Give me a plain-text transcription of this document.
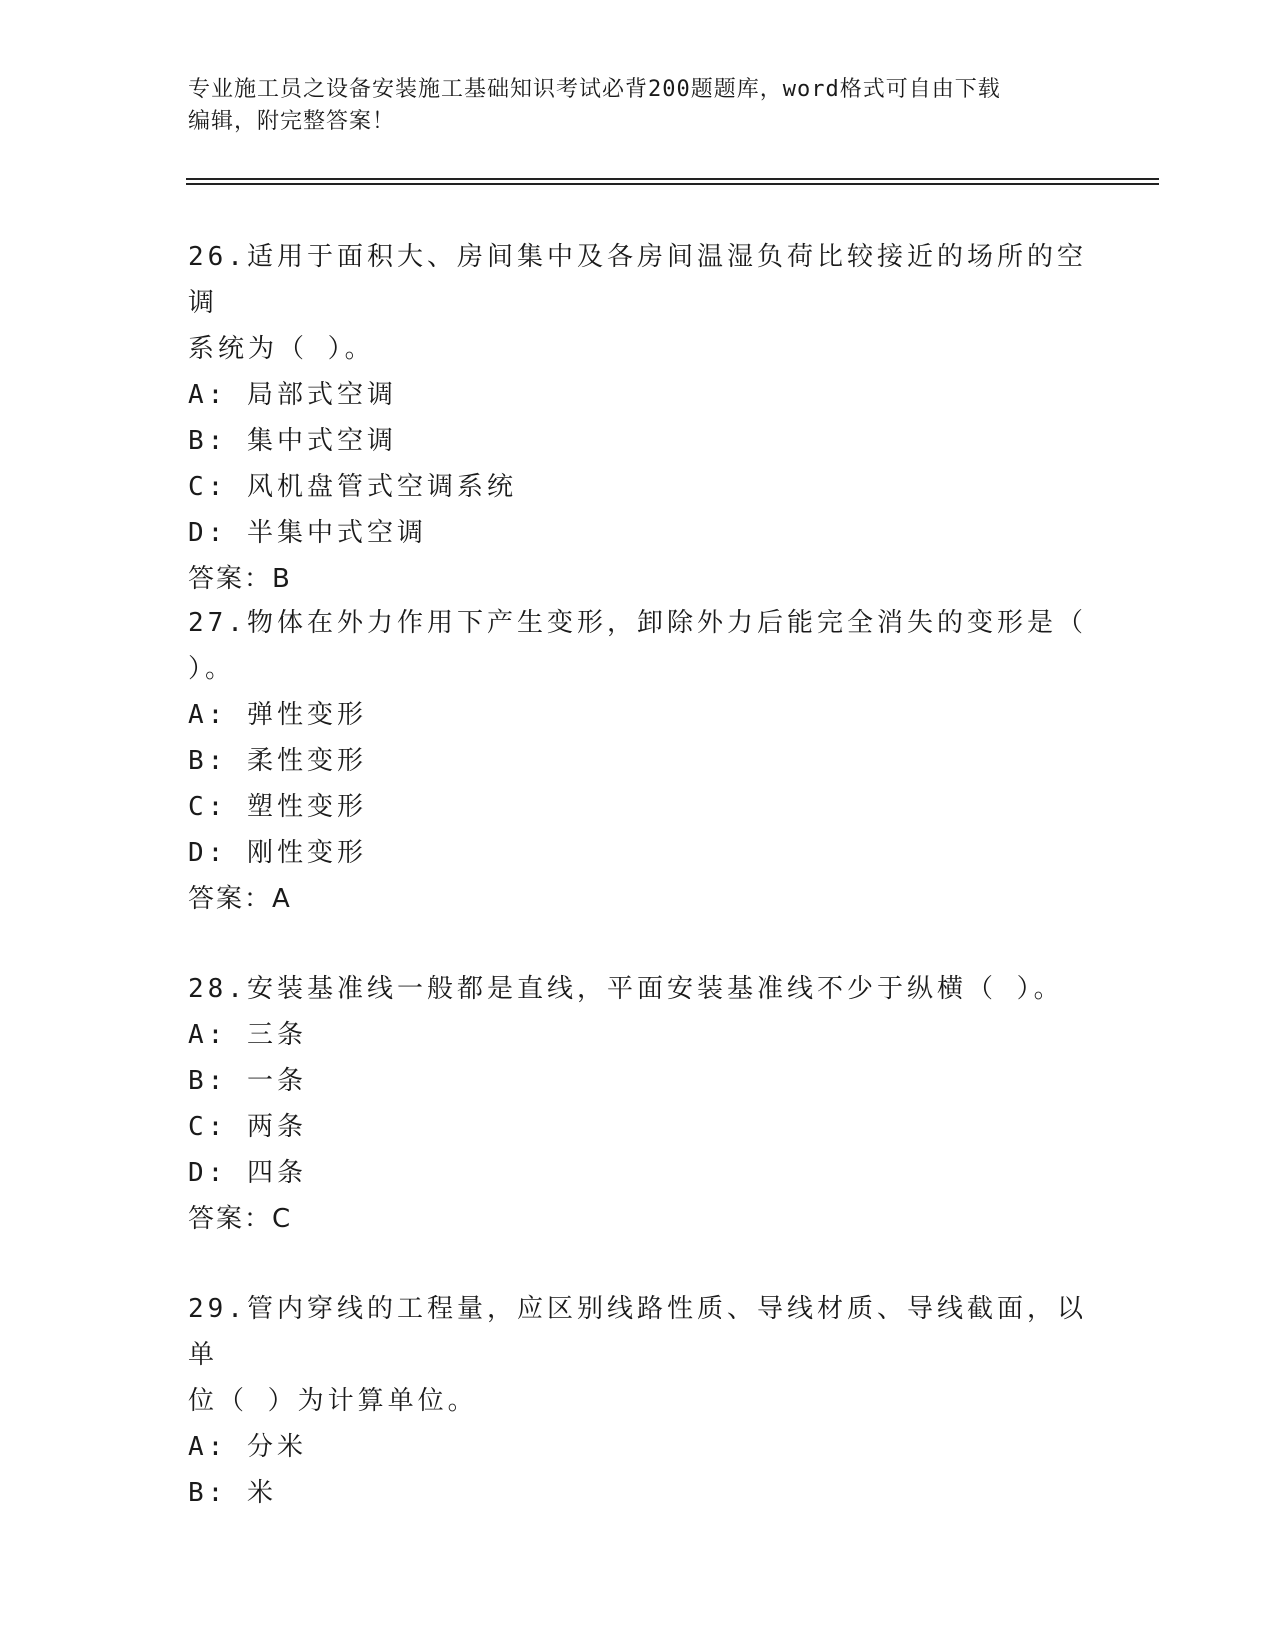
专业施工员之设备安装施工基础知识考试必背200题题库，word格式可自由下载
编辑，附完整答案！

26.适用于面积大、房间集中及各房间温湿负荷比较接近的场所的空调

系统为（ ）。

A: 局部式空调

B: 集中式空调

C: 风机盘管式空调系统

D: 半集中式空调

答案：B

27.物体在外力作用下产生变形，卸除外力后能完全消失的变形是（

）。

A: 弹性变形

B: 柔性变形

C: 塑性变形

D: 刚性变形

答案：A

28.安装基准线一般都是直线，平面安装基准线不少于纵横（ ）。

A: 三条

B: 一条

C: 两条

D: 四条

答案：C

29.管内穿线的工程量，应区别线路性质、导线材质、导线截面，以单

位（ ）为计算单位。

A: 分米

B: 米
